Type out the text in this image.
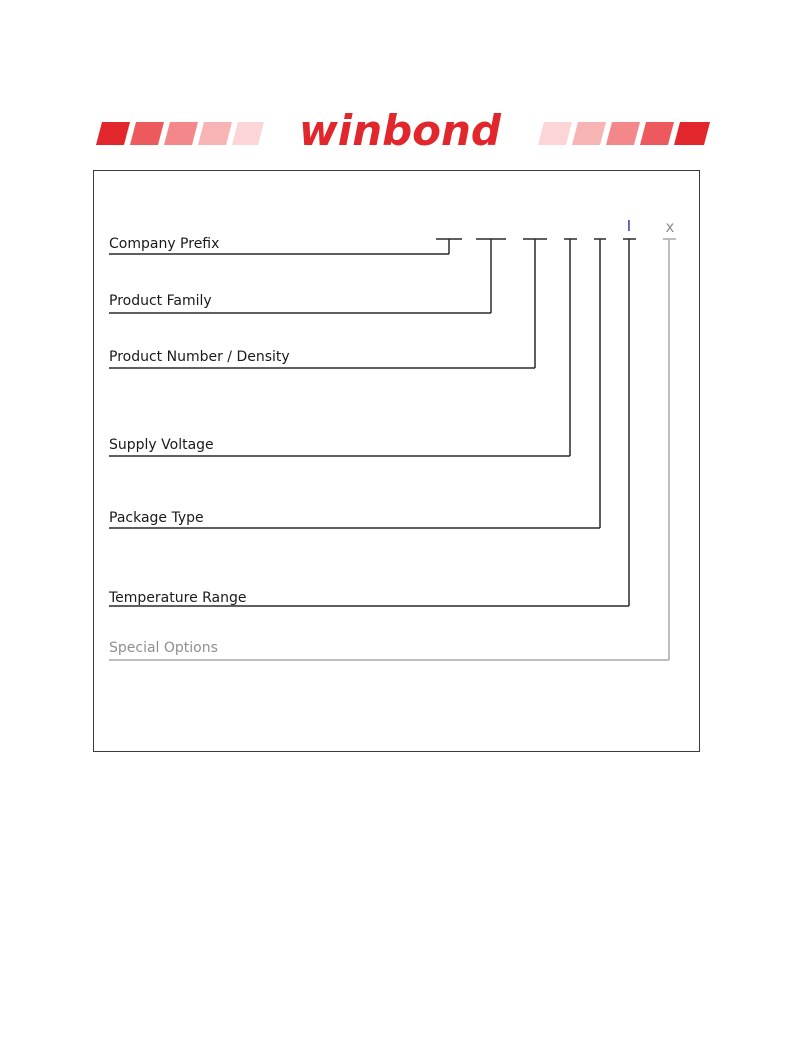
winbond
I x
Company Prefix
Product Family
Product Number / Density
Supply Voltage
Package Type
Temperature Range
Special Options
